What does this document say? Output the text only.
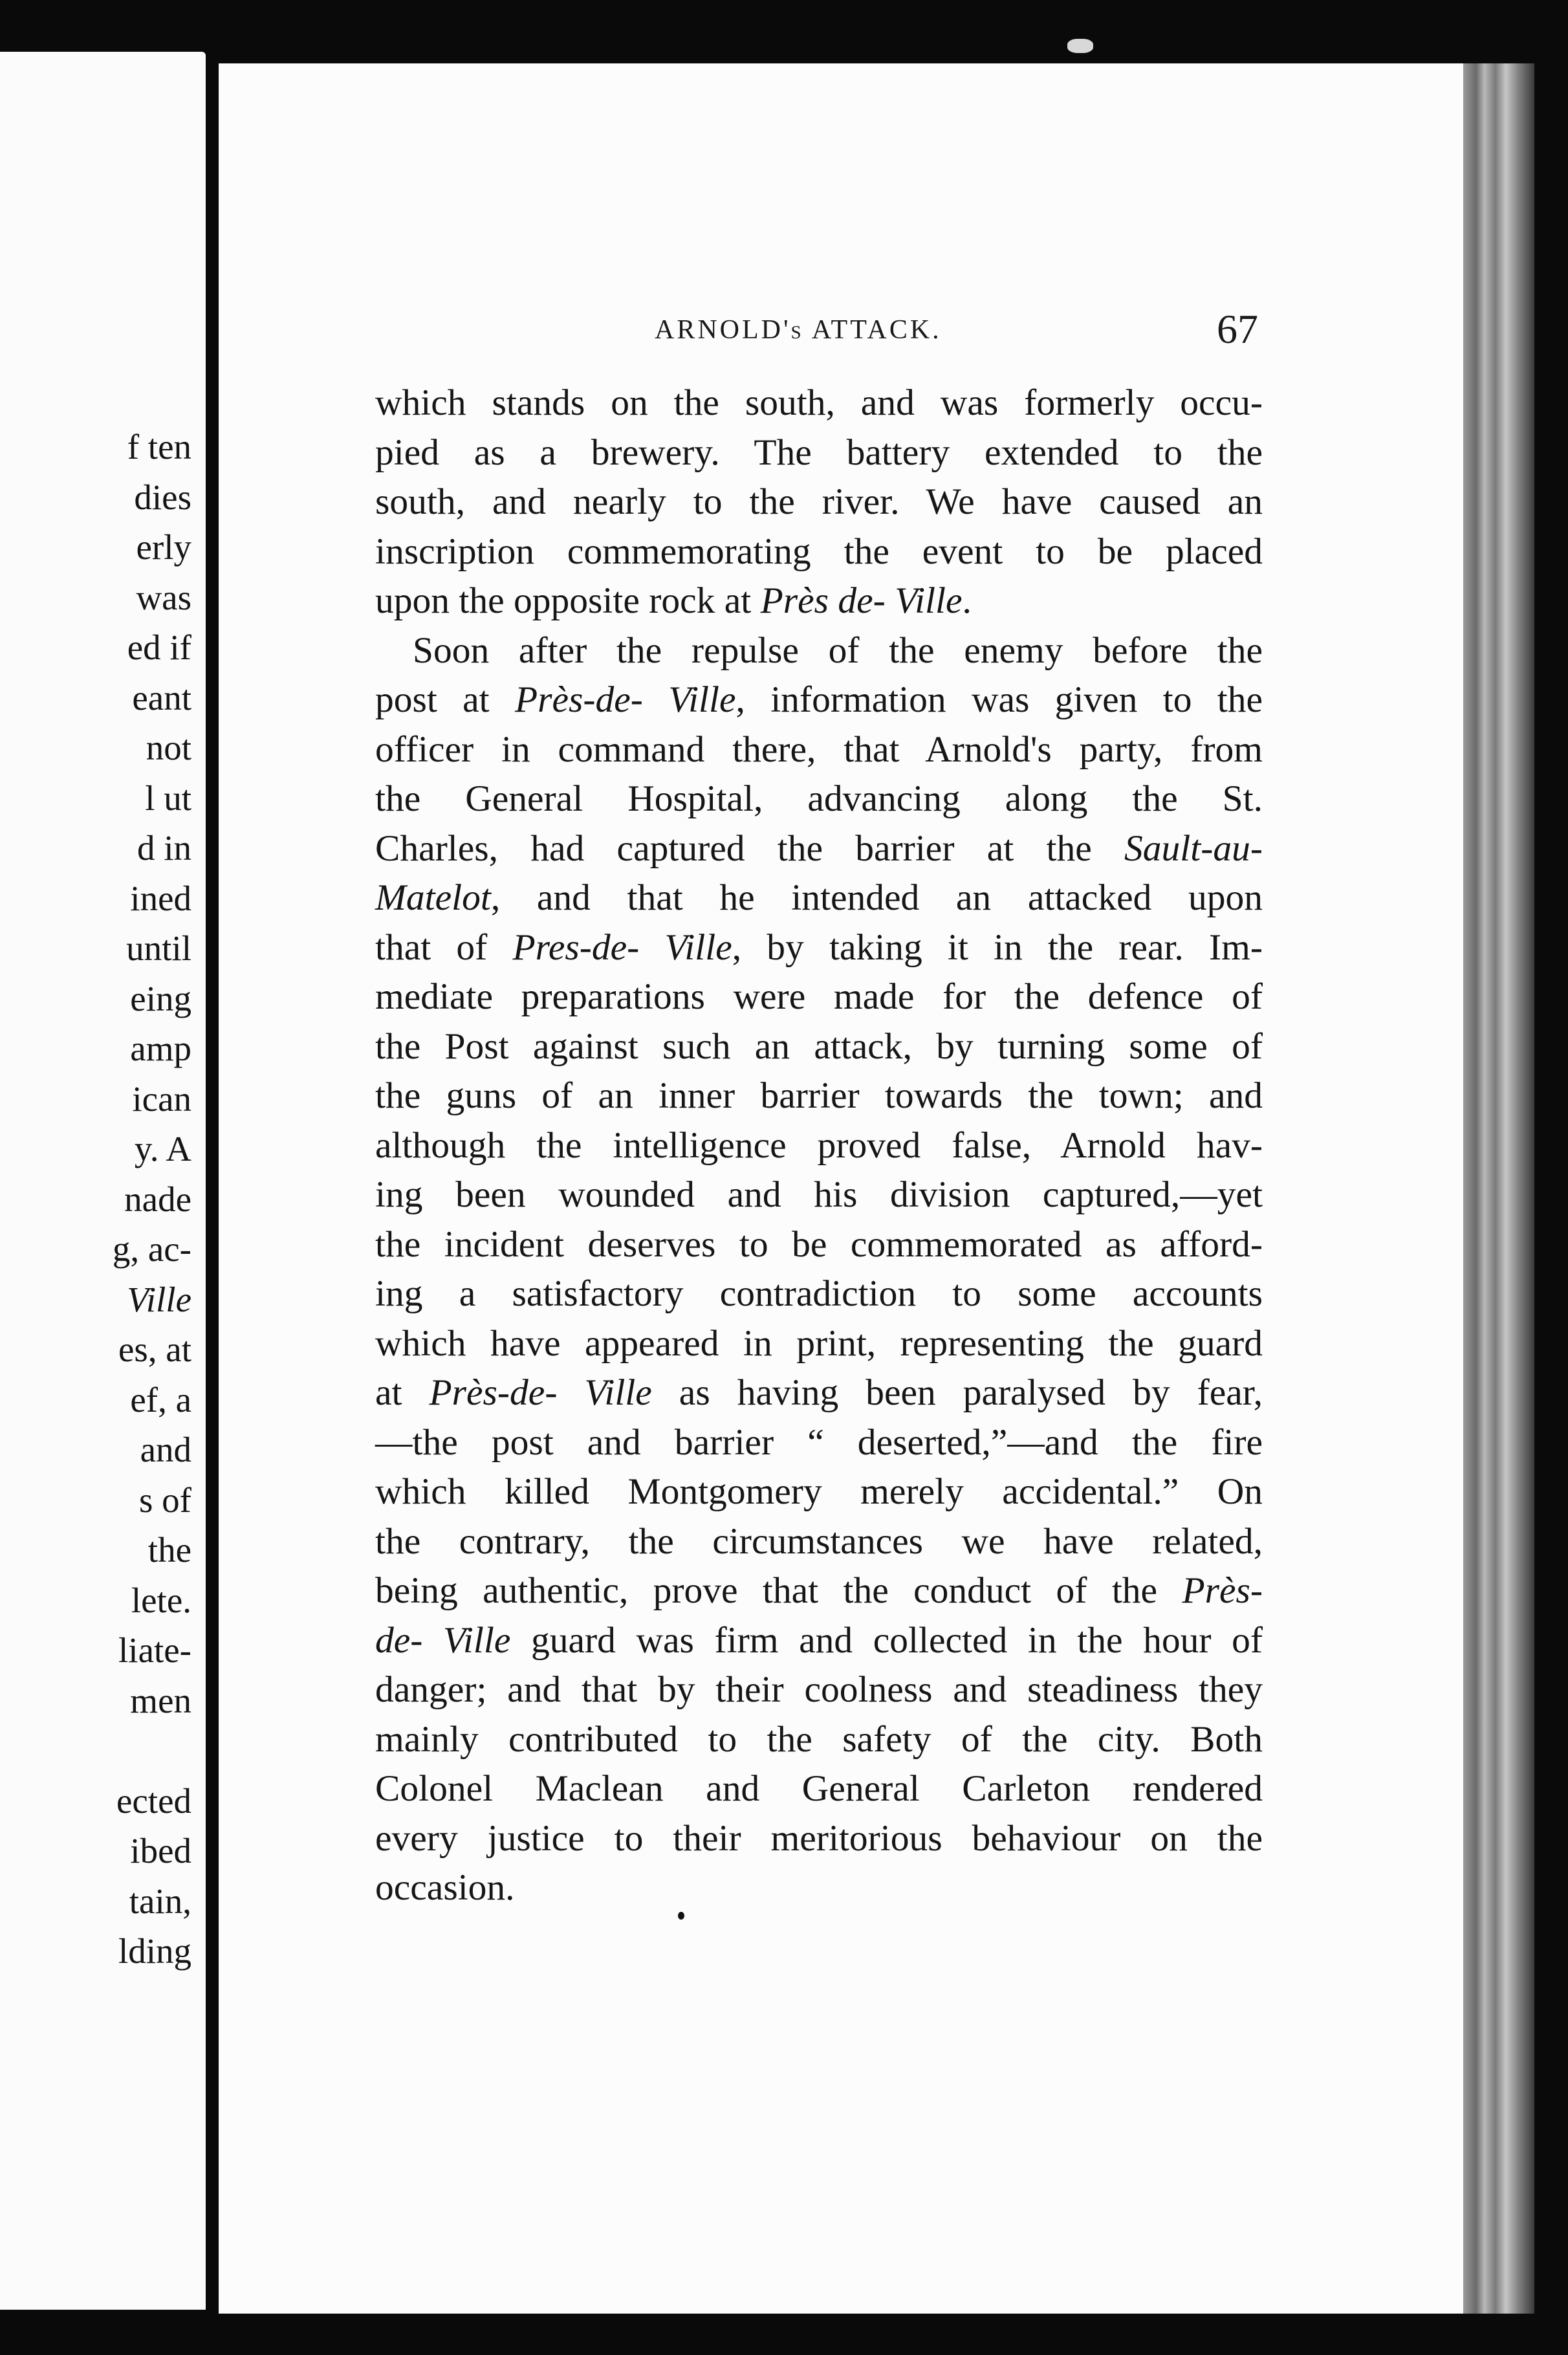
f ten
dies
erly
was
ed if
eant
not
l ut
d in
ined
until
eing
amp
ican
y. A
nade
g, ac-
Ville
es, at
ef, a
and
s of
the
lete.
liate-
men
ected
ibed
tain,
lding
ARNOLD's ATTACK.	67
which stands on the south, and was formerly occu-
pied as a brewery. The battery extended to the
south, and nearly to the river. We have caused an
inscription commemorating the event to be placed
upon the opposite rock at Près de- Ville.
Soon after the repulse of the enemy before the
post at Près-de- Ville, information was given to the
officer in command there, that Arnold's party, from
the General Hospital, advancing along the St.
Charles, had captured the barrier at the Sault-au-
Matelot, and that he intended an attacked upon
that of Pres-de- Ville, by taking it in the rear. Im-
mediate preparations were made for the defence of
the Post against such an attack, by turning some of
the guns of an inner barrier towards the town; and
although the intelligence proved false, Arnold hav-
ing been wounded and his division captured,—yet
the incident deserves to be commemorated as afford-
ing a satisfactory contradiction to some accounts
which have appeared in print, representing the guard
at Près-de- Ville as having been paralysed by fear,
—the post and barrier “ deserted,”—and the fire
which killed Montgomery merely accidental.” On
the contrary, the circumstances we have related,
being authentic, prove that the conduct of the Près-
de- Ville guard was firm and collected in the hour of
danger; and that by their coolness and steadiness they
mainly contributed to the safety of the city. Both
Colonel Maclean and General Carleton rendered
every justice to their meritorious behaviour on the
occasion.
